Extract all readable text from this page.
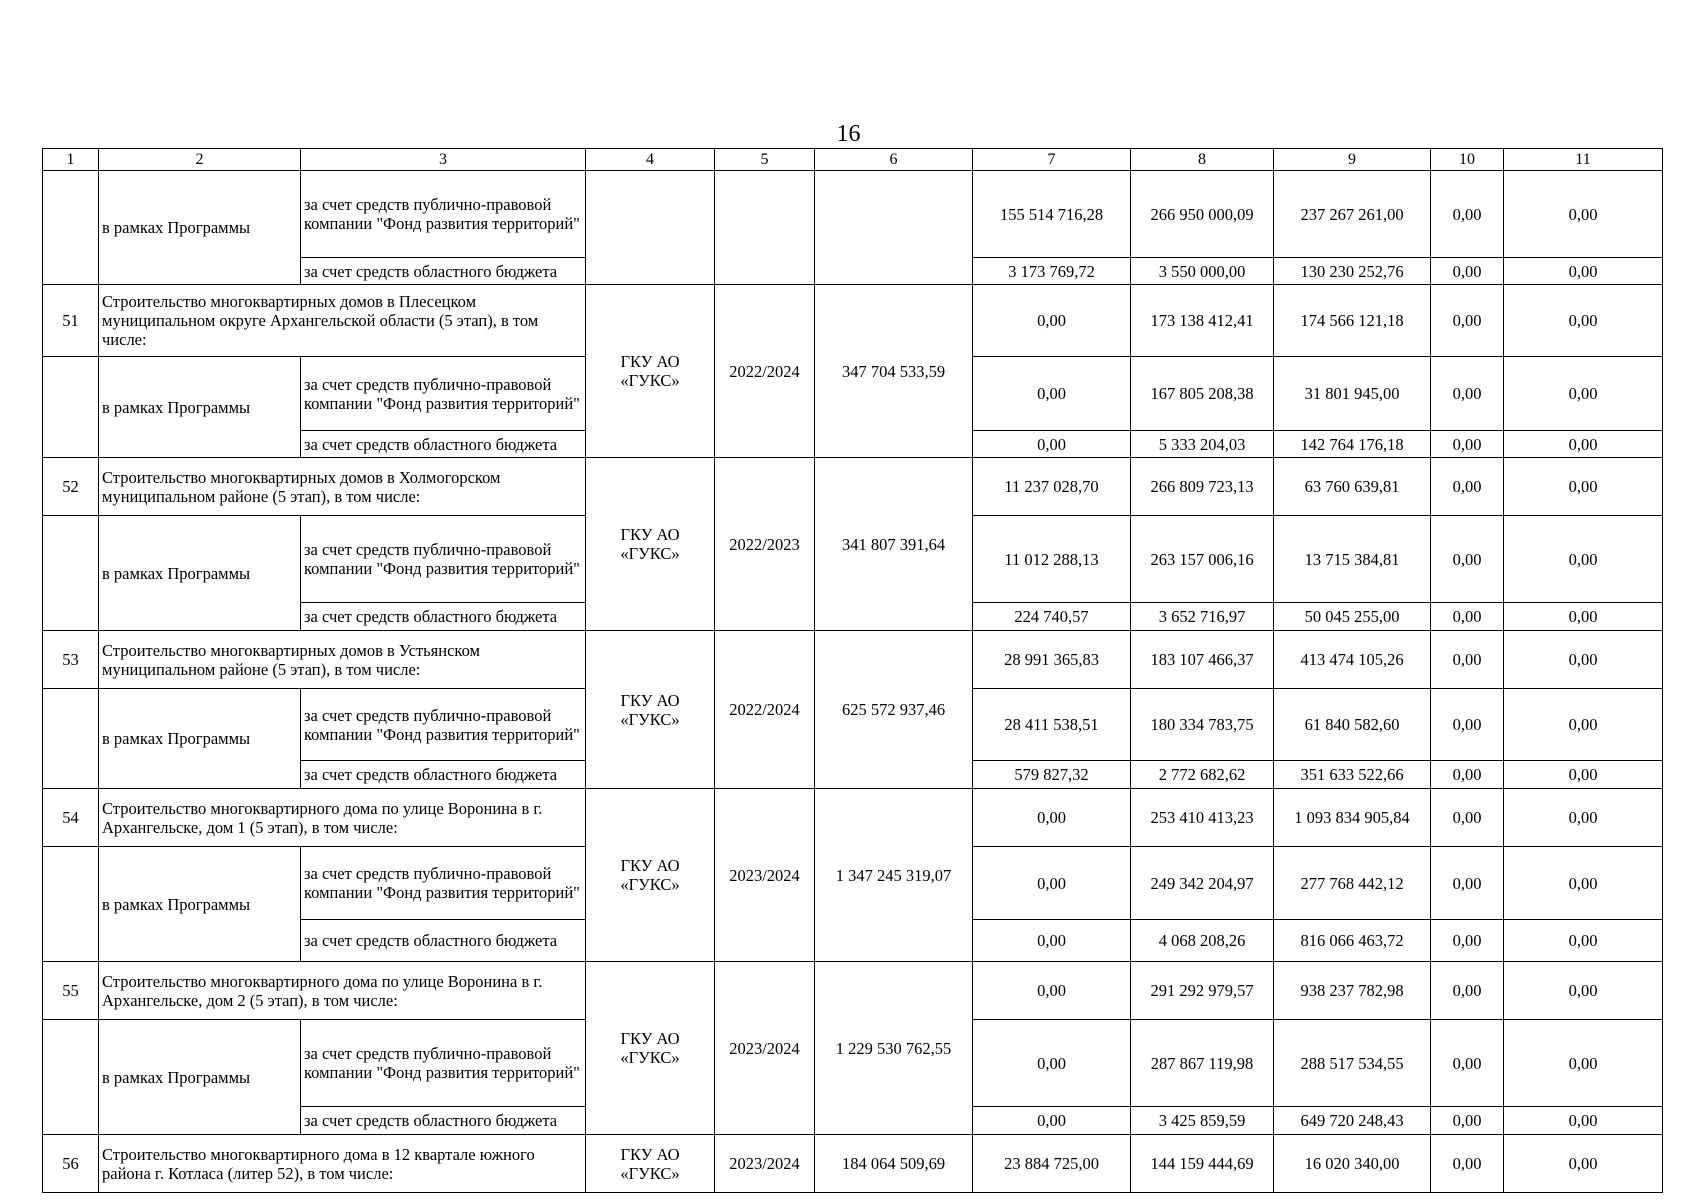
16
1	2	3	4	5	6	7	8	9	10	11
	в рамках Программы	за счет средств публично-правовой компании "Фонд развития территорий"				155 514 716,28	266 950 000,09	237 267 261,00	0,00	0,00
		за счет средств областного бюджета				3 173 769,72	3 550 000,00	130 230 252,76	0,00	0,00
51	Строительство многоквартирных домов в Плесецком муниципальном округе Архангельской области (5 этап), в том числе:		ГКУ АО «ГУКС»	2022/2024	347 704 533,59	0,00	173 138 412,41	174 566 121,18	0,00	0,00
	в рамках Программы	за счет средств публично-правовой компании "Фонд развития территорий"				0,00	167 805 208,38	31 801 945,00	0,00	0,00
		за счет средств областного бюджета				0,00	5 333 204,03	142 764 176,18	0,00	0,00
52	Строительство многоквартирных домов в Холмогорском муниципальном районе (5 этап), в том числе:		ГКУ АО «ГУКС»	2022/2023	341 807 391,64	11 237 028,70	266 809 723,13	63 760 639,81	0,00	0,00
	в рамках Программы	за счет средств публично-правовой компании "Фонд развития территорий"				11 012 288,13	263 157 006,16	13 715 384,81	0,00	0,00
		за счет средств областного бюджета				224 740,57	3 652 716,97	50 045 255,00	0,00	0,00
53	Строительство многоквартирных домов в Устьянском муниципальном районе (5 этап), в том числе:		ГКУ АО «ГУКС»	2022/2024	625 572 937,46	28 991 365,83	183 107 466,37	413 474 105,26	0,00	0,00
	в рамках Программы	за счет средств публично-правовой компании "Фонд развития территорий"				28 411 538,51	180 334 783,75	61 840 582,60	0,00	0,00
		за счет средств областного бюджета				579 827,32	2 772 682,62	351 633 522,66	0,00	0,00
54	Строительство многоквартирного дома по улице Воронина в г. Архангельске, дом 1 (5 этап), в том числе:		ГКУ АО «ГУКС»	2023/2024	1 347 245 319,07	0,00	253 410 413,23	1 093 834 905,84	0,00	0,00
	в рамках Программы	за счет средств публично-правовой компании "Фонд развития территорий"				0,00	249 342 204,97	277 768 442,12	0,00	0,00
		за счет средств областного бюджета				0,00	4 068 208,26	816 066 463,72	0,00	0,00
55	Строительство многоквартирного дома по улице Воронина в г. Архангельске, дом 2 (5 этап), в том числе:		ГКУ АО «ГУКС»	2023/2024	1 229 530 762,55	0,00	291 292 979,57	938 237 782,98	0,00	0,00
	в рамках Программы	за счет средств публично-правовой компании "Фонд развития территорий"				0,00	287 867 119,98	288 517 534,55	0,00	0,00
		за счет средств областного бюджета				0,00	3 425 859,59	649 720 248,43	0,00	0,00
56	Строительство многоквартирного дома в 12 квартале южного района г. Котласа (литер 52), в том числе:		ГКУ АО «ГУКС»	2023/2024	184 064 509,69	23 884 725,00	144 159 444,69	16 020 340,00	0,00	0,00
